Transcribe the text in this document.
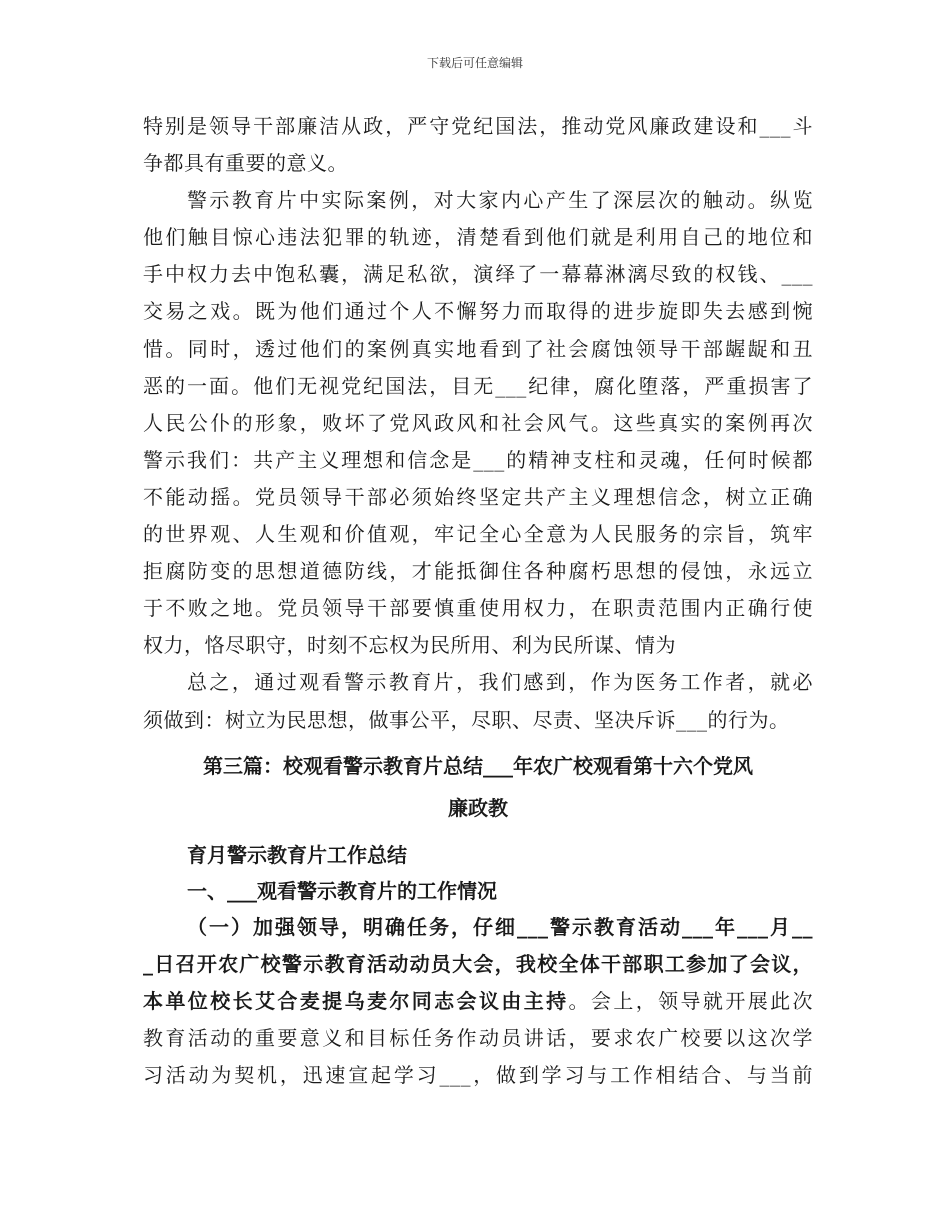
下载后可任意编辑
特别是领导干部廉洁从政，严守党纪国法，推动党风廉政建设和___斗
争都具有重要的意义。
警示教育片中实际案例，对大家内心产生了深层次的触动。纵览
他们触目惊心违法犯罪的轨迹，清楚看到他们就是利用自己的地位和
手中权力去中饱私囊，满足私欲，演绎了一幕幕淋漓尽致的权钱、___
交易之戏。既为他们通过个人不懈努力而取得的进步旋即失去感到惋
惜。同时，透过他们的案例真实地看到了社会腐蚀领导干部龌龊和丑
恶的一面。他们无视党纪国法，目无___纪律，腐化堕落，严重损害了
人民公仆的形象，败坏了党风政风和社会风气。这些真实的案例再次
警示我们：共产主义理想和信念是___的精神支柱和灵魂，任何时候都
不能动摇。党员领导干部必须始终坚定共产主义理想信念，树立正确
的世界观、人生观和价值观，牢记全心全意为人民服务的宗旨，筑牢
拒腐防变的思想道德防线，才能抵御住各种腐朽思想的侵蚀，永远立
于不败之地。党员领导干部要慎重使用权力，在职责范围内正确行使
权力，恪尽职守，时刻不忘权为民所用、利为民所谋、情为
总之，通过观看警示教育片，我们感到，作为医务工作者，就必
须做到：树立为民思想，做事公平，尽职、尽责、坚决斥诉___的行为。
第三篇：校观看警示教育片总结___年农广校观看第十六个党风
廉政教
育月警示教育片工作总结
一、___观看警示教育片的工作情况
（一）加强领导，明确任务，仔细___警示教育活动___年___月__
_日召开农广校警示教育活动动员大会，我校全体干部职工参加了会议，
本单位校长艾合麦提乌麦尔同志会议由主持。会上，领导就开展此次
教育活动的重要意义和目标任务作动员讲话，要求农广校要以这次学
习活动为契机，迅速宣起学习___，做到学习与工作相结合、与当前
